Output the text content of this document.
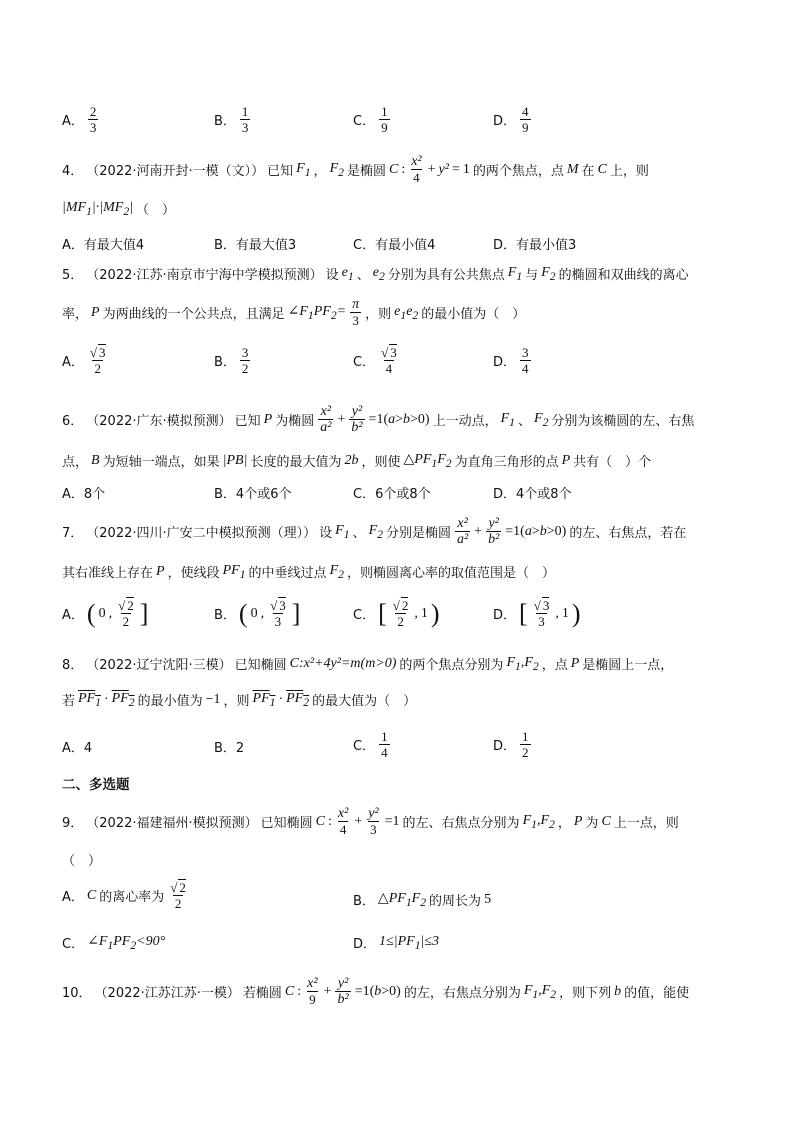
A． $\frac{2}{3}$	B． $\frac{1}{3}$	C． $\frac{1}{9}$	D． $\frac{4}{9}$
4． （2022·河南开封·一模（文）） 已知 $F_1$ ， $F_2$ 是椭圆 C : $\frac{\text{x²}}{4} + y^2 = 1$ 的两个焦点，点 M 在 C 上，则
$|MF_1|\cdot|MF_2|$ （　）
A．有最大值4	B．有最大值3	C．有最小值4	D．有最小值3
5． （2022·江苏·南京市宁海中学模拟预测） 设 $e_1$ 、 $e_2$ 分别为具有公共焦点 $F_1$ 与 $F_2$ 的椭圆和双曲线的离心
率， P 为两曲线的一个公共点，且满足 $\angle F_1PF_2= \frac{\pi}{3}$ ，则 $e_1e_2$ 的最小值为（　）
A． $\frac{√ 3}{2}$	B． $\frac{3}{2}$	C． $\frac{√ 3}{4}$	D． $\frac{3}{4}$
6． （2022·广东·模拟预测） 已知 P 为椭圆 $\frac{\text{x²}}{\text{a²}} + \frac{\text{y²}}{\text{b²}} =1(a>b>0)$ 上一动点， $F_1$ 、 $F_2$ 分别为该椭圆的左、右焦
点， B 为短轴一端点，如果 |PB| 长度的最大值为 2b ，则使 $\triangle PF_1F_2$ 为直角三角形的点 P 共有（　）个
A．8个	B．4个或6个	C．6个或8个	D．4个或8个
7． （2022·四川·广安二中模拟预测（理）） 设 $F_1$ 、 $F_2$ 分别是椭圆 $\frac{\text{x²}}{\text{a²}} + \frac{\text{y²}}{\text{b²}} =1(a>b>0)$ 的左、右焦点，若在
其右准线上存在 P ，使线段 $PF_1$ 的中垂线过点 $F_2$ ，则椭圆离心率的取值范围是（　）
A． ( 0 , $\frac{√ 2}{2}$ ]	B． ( 0 , $\frac{√ 3}{3}$ ]	C． [ $\frac{√ 2}{2}$ , 1 )	D． [ $\frac{√ 3}{3}$ , 1 )
8． （2022·辽宁沈阳·三模） 已知椭圆 C:x²+4y²=m(m>0) 的两个焦点分别为 $F_1,F_2$ ，点 P 是椭圆上一点，
若 $PF_1 \cdot PF_2$ 的最小值为 −1 ，则 $PF_1 \cdot PF_2$ 的最大值为（　）
A．4	B．2	C． $\frac{1}{4}$	D． $\frac{1}{2}$
二、多选题
9． （2022·福建福州·模拟预测） 已知椭圆 C : $\frac{\text{x²}}{4} + \frac{\text{y²}}{3} =1$ 的左、右焦点分别为 $F_1,F_2$ ， P 为 C 上一点，则
（　）
A． C 的离心率为 $\frac{√ 2}{2}$	B． $\triangle PF_1F_2$ 的周长为 5
C． $\angle F_1PF_2<90^\circ$	D． $1\le|PF_1|\le 3$
10． （2022·江苏江苏·一模） 若椭圆 C : $\frac{\text{x²}}{9} + \frac{\text{y²}}{\text{b²}} =1(b>0)$ 的左，右焦点分别为 $F_1,F_2$ ，则下列 b 的值，能使
